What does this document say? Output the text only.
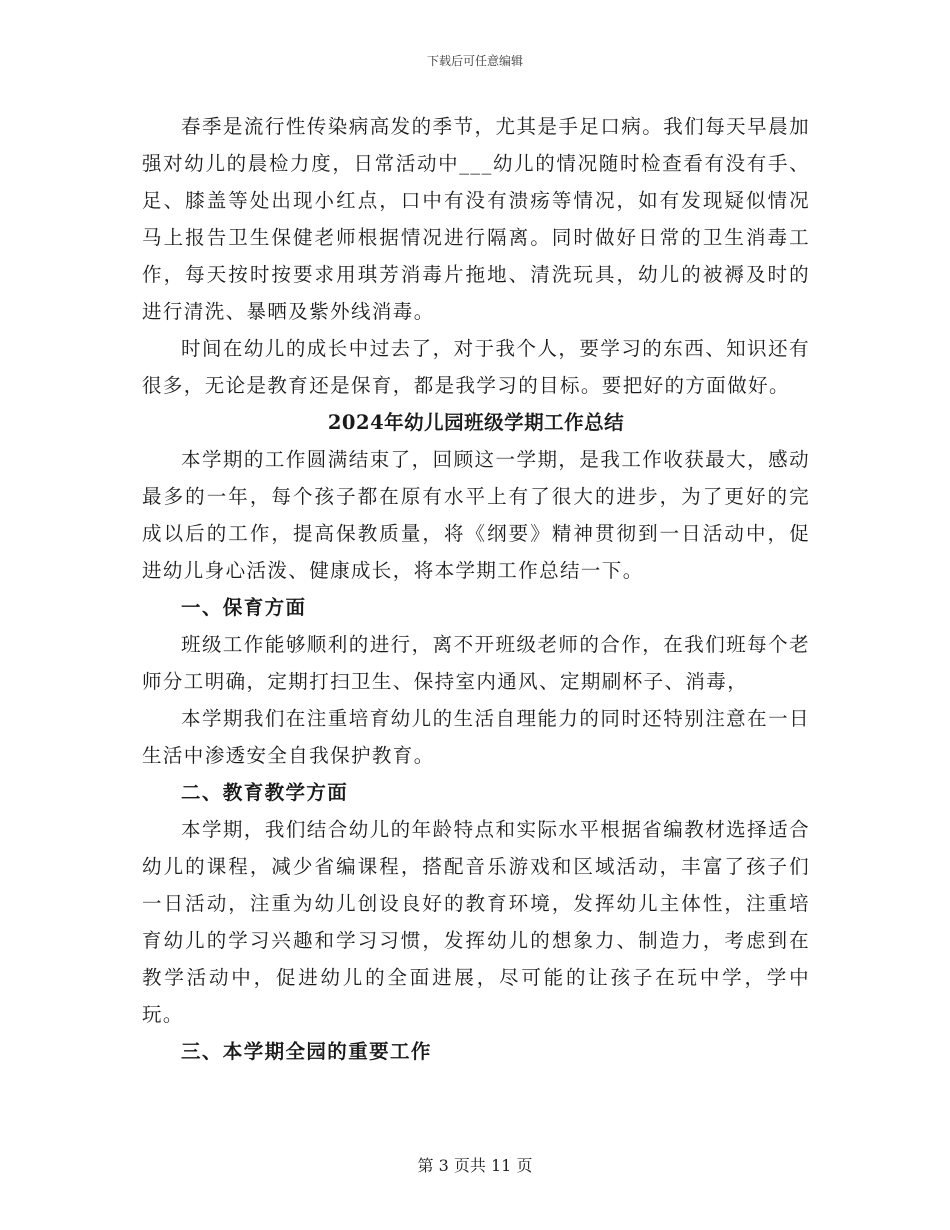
下载后可任意编辑

春季是流行性传染病高发的季节，尤其是手足口病。我们每天早晨加强对幼儿的晨检力度，日常活动中___幼儿的情况随时检查看有没有手、足、膝盖等处出现小红点，口中有没有溃疡等情况，如有发现疑似情况马上报告卫生保健老师根据情况进行隔离。同时做好日常的卫生消毒工作，每天按时按要求用琪芳消毒片拖地、清洗玩具，幼儿的被褥及时的进行清洗、暴晒及紫外线消毒。

时间在幼儿的成长中过去了，对于我个人，要学习的东西、知识还有很多，无论是教育还是保育，都是我学习的目标。要把好的方面做好。

2024年幼儿园班级学期工作总结

本学期的工作圆满结束了，回顾这一学期，是我工作收获最大，感动最多的一年，每个孩子都在原有水平上有了很大的进步，为了更好的完成以后的工作，提高保教质量，将《纲要》精神贯彻到一日活动中，促进幼儿身心活泼、健康成长，将本学期工作总结一下。

一、保育方面

班级工作能够顺利的进行，离不开班级老师的合作，在我们班每个老师分工明确，定期打扫卫生、保持室内通风、定期刷杯子、消毒，

本学期我们在注重培育幼儿的生活自理能力的同时还特别注意在一日生活中渗透安全自我保护教育。

二、教育教学方面

本学期，我们结合幼儿的年龄特点和实际水平根据省编教材选择适合幼儿的课程，减少省编课程，搭配音乐游戏和区域活动，丰富了孩子们一日活动，注重为幼儿创设良好的教育环境，发挥幼儿主体性，注重培育幼儿的学习兴趣和学习习惯，发挥幼儿的想象力、制造力，考虑到在教学活动中，促进幼儿的全面进展，尽可能的让孩子在玩中学，学中玩。

三、本学期全园的重要工作

第 3 页共 11 页
